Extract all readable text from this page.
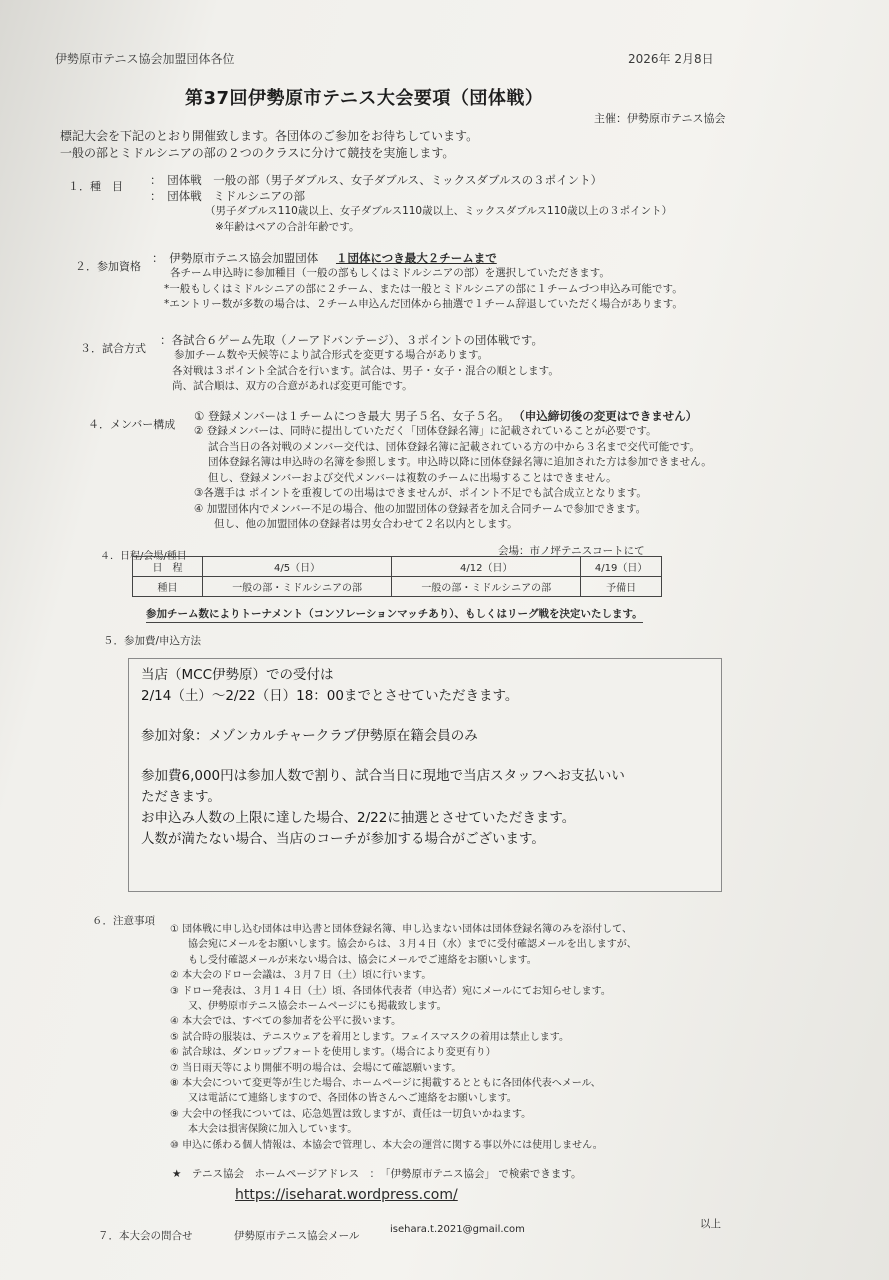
伊勢原市テニス協会加盟団体各位	2026年 2月8日
第37回伊勢原市テニス大会要項（団体戦）
主催：伊勢原市テニス協会
標記大会を下記のとおり開催致します。各団体のご参加をお待ちしています。
一般の部とミドルシニアの部の２つのクラスに分けて競技を実施します。
１．種　目 ：　団体戦　一般の部（男子ダブルス、女子ダブルス、ミックスダブルスの３ポイント）
：　団体戦　ミドルシニアの部
（男子ダブルス110歳以上、女子ダブルス110歳以上、ミックスダブルス110歳以上の３ポイント）
※年齢はペアの合計年齢です。
２．参加資格
：　伊勢原市テニス協会加盟団体 １団体につき最大２チームまで
各チーム申込時に参加種目（一般の部もしくはミドルシニアの部）を選択していただきます。
*一般もしくはミドルシニアの部に２チーム、または一般とミドルシニアの部に１チームづつ申込み可能です。
*エントリー数が多数の場合は、２チーム申込んだ団体から抽選で１チーム辞退していただく場合があります。
３．試合方式
：各試合６ゲーム先取（ノーアドバンテージ）、３ポイントの団体戦です。
参加チーム数や天候等により試合形式を変更する場合があります。
各対戦は３ポイント全試合を行います。試合は、男子・女子・混合の順とします。
尚、試合順は、双方の合意があれば変更可能です。
４．メンバー構成
① 登録メンバーは１チームにつき最大 男子５名、女子５名。 （申込締切後の変更はできません）
② 登録メンバーは、同時に提出していただく「団体登録名簿」に記載されていることが必要です。
試合当日の各対戦のメンバー交代は、団体登録名簿に記載されている方の中から３名まで交代可能です。
団体登録名簿は申込時の名簿を参照します。申込時以降に団体登録名簿に追加された方は参加できません。
但し、登録メンバーおよび交代メンバーは複数のチームに出場することはできません。
③各選手は ポイントを重複しての出場はできませんが、ポイント不足でも試合成立となります。
④ 加盟団体内でメンバー不足の場合、他の加盟団体の登録者を加え合同チームで参加できます。
但し、他の加盟団体の登録者は男女合わせて２名以内とします。
４．日程/会場/種目	会場：市ノ坪テニスコートにて
日　程	4/5（日）	4/12（日）	4/19（日）
種目	一般の部・ミドルシニアの部	一般の部・ミドルシニアの部	予備日
参加チーム数によりトーナメント（コンソレーションマッチあり）、もしくはリーグ戦を決定いたします。
５．参加費/申込方法

当店（MCC伊勢原）での受付は

2/14（土）～2/22（日）18：00までとさせていただきます。

参加対象：メゾンカルチャークラブ伊勢原在籍会員のみ

参加費6,000円は参加人数で割り、試合当日に現地で当店スタッフへお支払いい

ただきます。

お申込み人数の上限に達した場合、2/22に抽選とさせていただきます。

人数が満たない場合、当店のコーチが参加する場合がございます。

６．注意事項
① 団体戦に申し込む団体は申込書と団体登録名簿、申し込まない団体は団体登録名簿のみを添付して、
協会宛にメールをお願いします。協会からは、３月４日（水）までに受付確認メールを出しますが、
もし受付確認メールが来ない場合は、協会にメールでご連絡をお願いします。
② 本大会のドロー会議は、３月７日（土）頃に行います。
③ ドロー発表は、３月１４日（土）頃、各団体代表者（申込者）宛にメールにてお知らせします。
又、伊勢原市テニス協会ホームページにも掲載致します。
④ 本大会では、すべての参加者を公平に扱います。
⑤ 試合時の服装は、テニスウェアを着用とします。フェイスマスクの着用は禁止します。
⑥ 試合球は、ダンロップフォートを使用します。（場合により変更有り）
⑦ 当日雨天等により開催不明の場合は、会場にて確認願います。
⑧ 本大会について変更等が生じた場合、ホームページに掲載するとともに各団体代表へメール、
又は電話にて連絡しますので、各団体の皆さんへご連絡をお願いします。
⑨ 大会中の怪我については、応急処置は致しますが、責任は一切負いかねます。
本大会は損害保険に加入しています。
⑩ 申込に係わる個人情報は、本協会で管理し、本大会の運営に関する事以外には使用しません。
★　テニス協会　ホームページアドレス　：　「伊勢原市テニス協会」 で検索できます。
https://iseharat.wordpress.com/
７．本大会の問合せ	伊勢原市テニス協会メール
isehara.t.2021@gmail.com	以上
